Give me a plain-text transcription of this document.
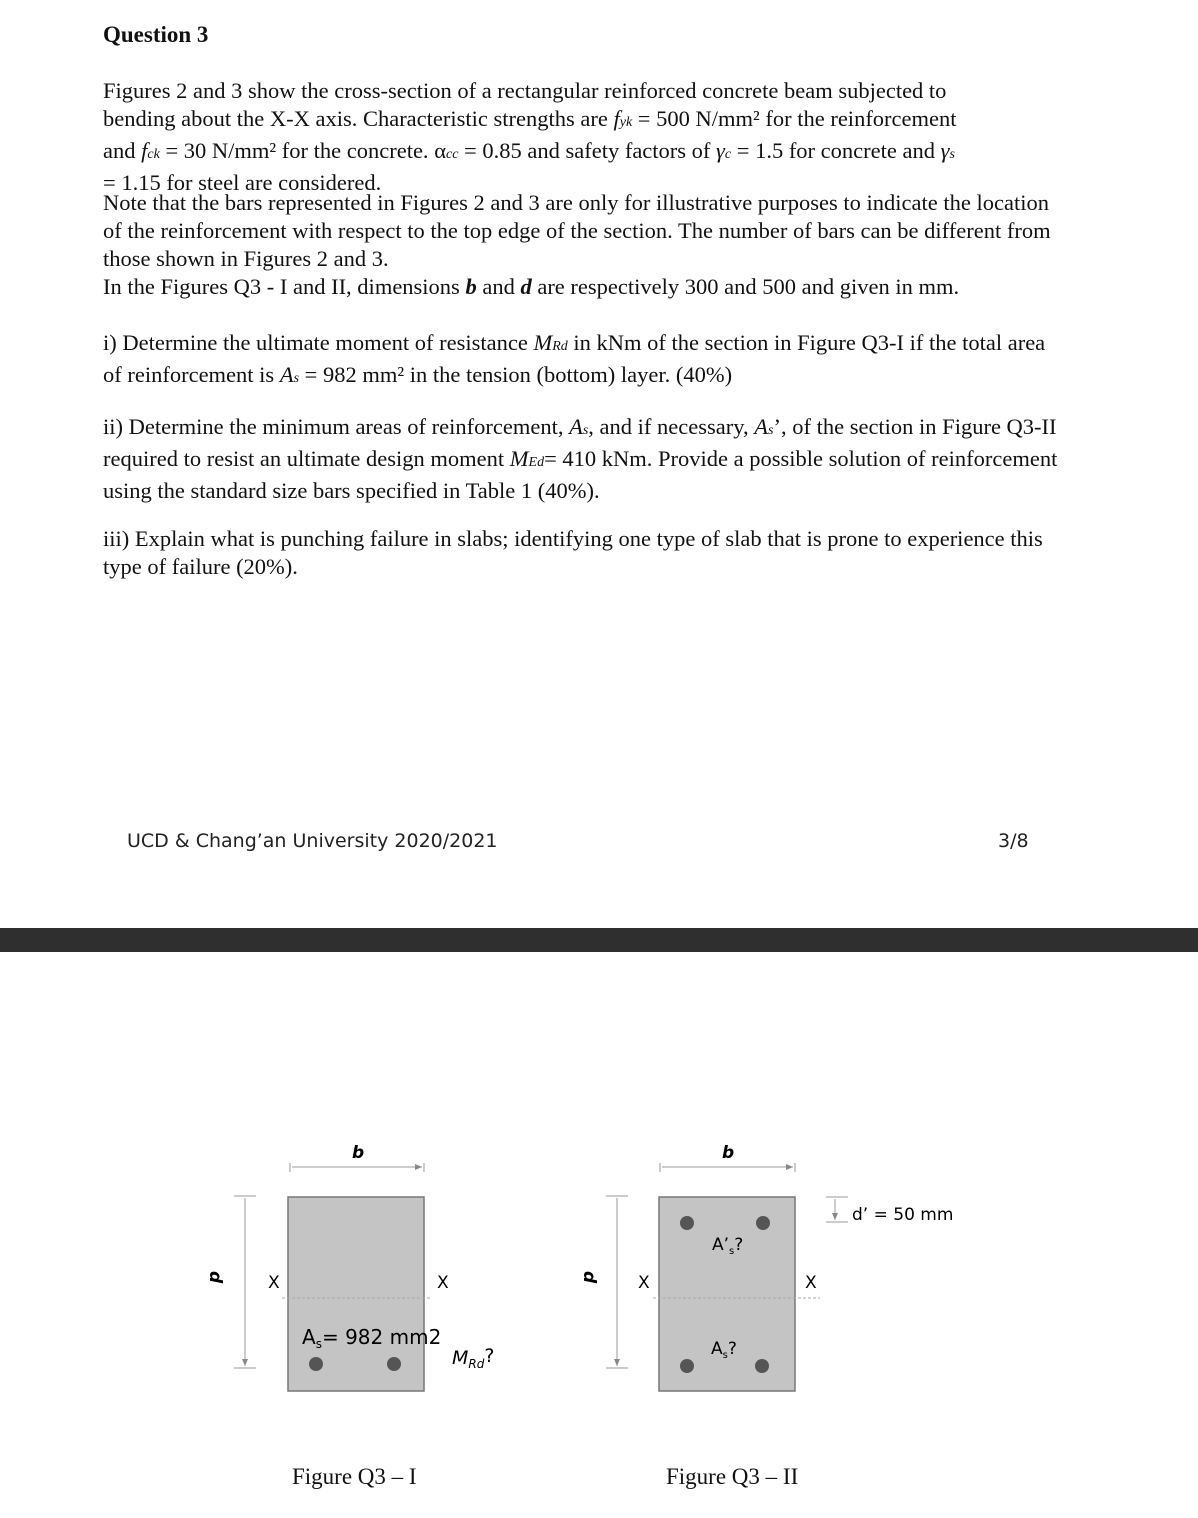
Question 3

Figures 2 and 3 show the cross-section of a rectangular reinforced concrete beam subjected to
bending about the X-X axis. Characteristic strengths are fyk = 500 N/mm² for the reinforcement
and fck = 30 N/mm² for the concrete. αcc = 0.85 and safety factors of γc = 1.5 for concrete and γs
= 1.15 for steel are considered.

Note that the bars represented in Figures 2 and 3 are only for illustrative purposes to indicate the location of the reinforcement with respect to the top edge of the section. The number of bars can be different from those shown in Figures 2 and 3.

In the Figures Q3 - I and II, dimensions b and d are respectively 300 and 500 and given in mm.

i) Determine the ultimate moment of resistance MRd in kNm of the section in Figure Q3-I if the total area of reinforcement is As = 982 mm² in the tension (bottom) layer. (40%)

ii) Determine the minimum areas of reinforcement, As, and if necessary, As’, of the section in Figure Q3-II required to resist an ultimate design moment MEd= 410 kNm. Provide a possible solution of reinforcement using the standard size bars specified in Table 1 (40%).

iii) Explain what is punching failure in slabs; identifying one type of slab that is prone to experience this type of failure (20%).

UCD & Chang’an University 2020/2021	3/8
b
d	X	X
$A_s= 982$ mm2
$M_{Rd}$?
b
d X	X
$A’_s$?
$A_s$?
d’ = 50 mm
Figure Q3 – I	Figure Q3 – II
